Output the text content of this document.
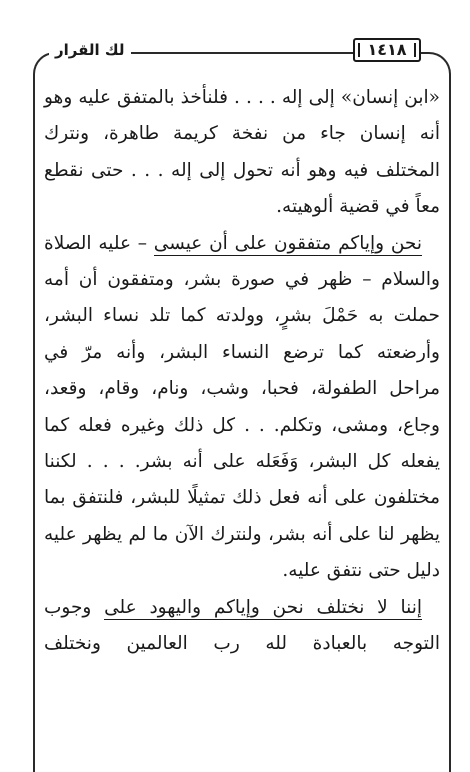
١٤١٨
لك القرار

«ابن إنسان» إلى إله . . . . فلنأخذ بالمتفق عليه وهو أنه إنسان جاء من نفخة كريمة طاهرة، ونترك المختلف فيه وهو أنه تحول إلى إله . . . حتى نقطع معاً في قضية ألوهيته.

نحن وإياكم متفقون على أن عيسى – عليه الصلاة والسلام – ظهر في صورة بشر، ومتفقون أن أمه حملت به حَمْلَ بشرٍ، وولدته كما تلد نساء البشر، وأرضعته كما ترضع النساء البشر، وأنه مرّ في مراحل الطفولة، فحبا، وشب، ونام، وقام، وقعد، وجاع، ومشى، وتكلم. . . كل ذلك وغيره فعله كما يفعله كل البشر، وَفَعَله على أنه بشر. . . . لكننا مختلفون على أنه فعل ذلك تمثيلًا للبشر، فلنتفق بما يظهر لنا على أنه بشر، ولنترك الآن ما لم يظهر عليه دليل حتى نتفق عليه.

إننا لا نختلف نحن وإياكم واليهود على وجوب التوجه بالعبادة لله رب العالمين ونختلف
